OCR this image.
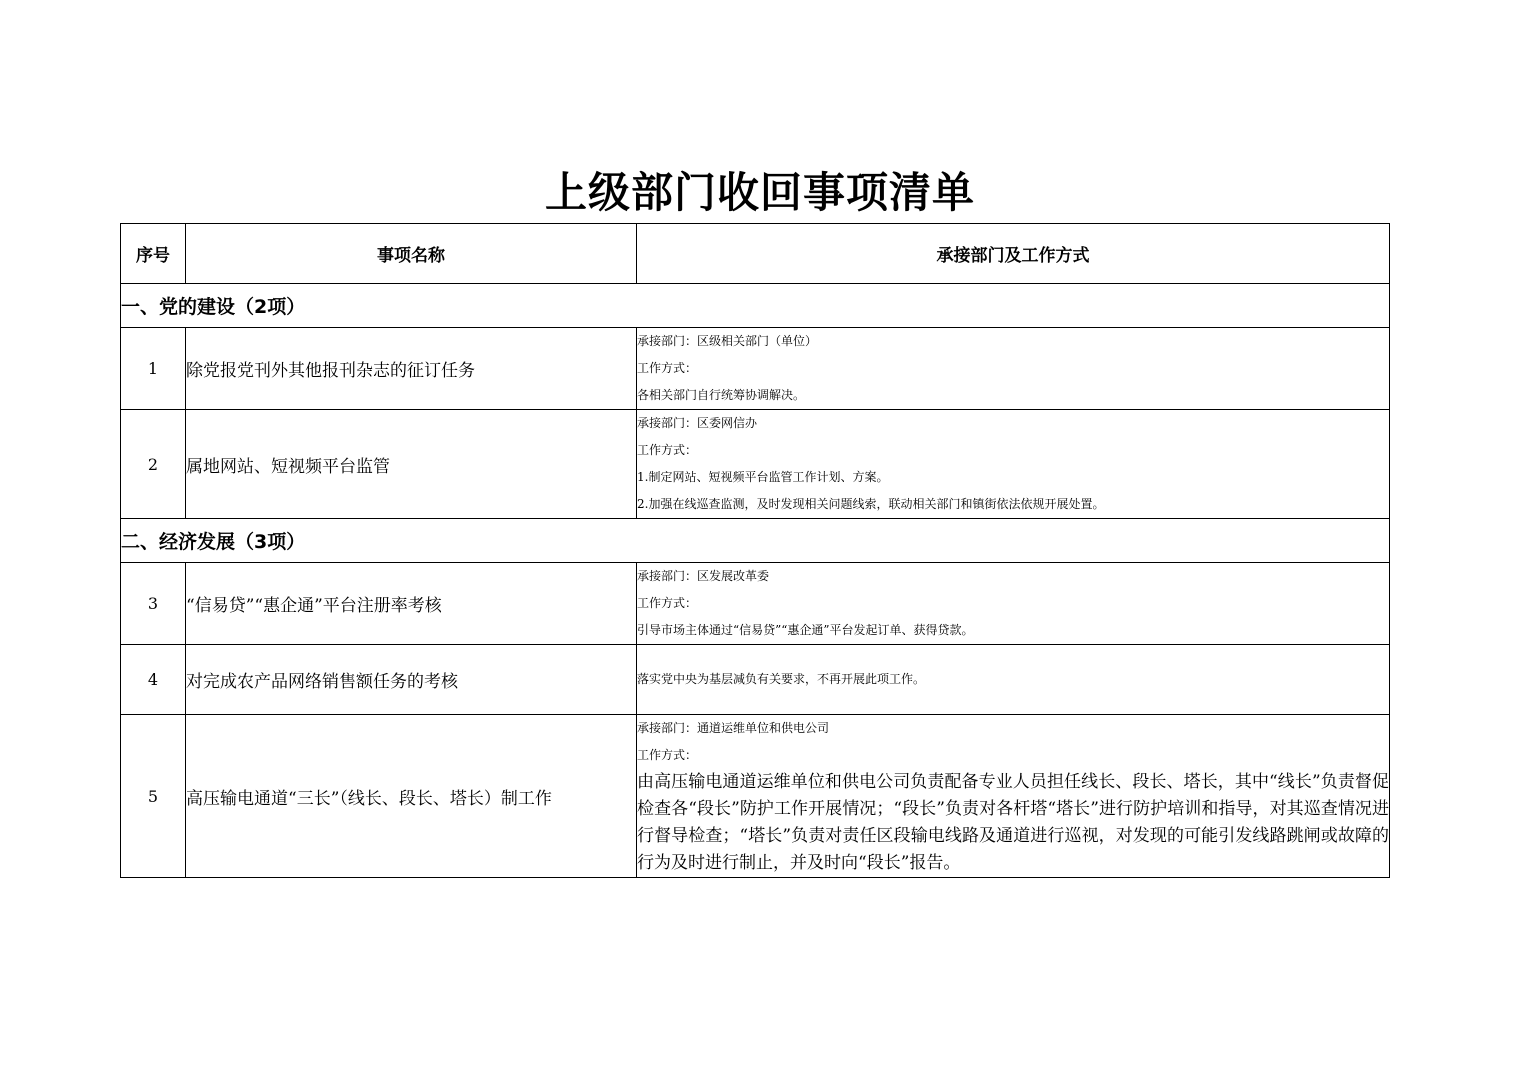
上级部门收回事项清单
序号	事项名称	承接部门及工作方式
一、党的建设（2项）		
1	除党报党刊外其他报刊杂志的征订任务	承接部门：区级相关部门（单位）
工作方式：
各相关部门自行统筹协调解决。

2	属地网站、短视频平台监管	承接部门：区委网信办
工作方式：
1.制定网站、短视频平台监管工作计划、方案。
2.加强在线巡查监测，及时发现相关问题线索，联动相关部门和镇街依法依规开展处置。

二、经济发展（3项）		
3	“信易贷”“惠企通”平台注册率考核	承接部门：区发展改革委
工作方式：
引导市场主体通过“信易贷”“惠企通”平台发起订单、获得贷款。

4	对完成农产品网络销售额任务的考核	落实党中央为基层减负有关要求，不再开展此项工作。

5	高压输电通道“三长”（线长、段长、塔长）制工作	承接部门：通道运维单位和供电公司
工作方式：
由高压输电通道运维单位和供电公司负责配备专业人员担任线长、段长、塔长，其中“线长”负责督促检查各“段长”防护工作开展情况；“段长”负责对各杆塔“塔长”进行防护培训和指导，对其巡查情况进行督导检查；“塔长”负责对责任区段输电线路及通道进行巡视，对发现的可能引发线路跳闸或故障的行为及时进行制止，并及时向“段长”报告。
